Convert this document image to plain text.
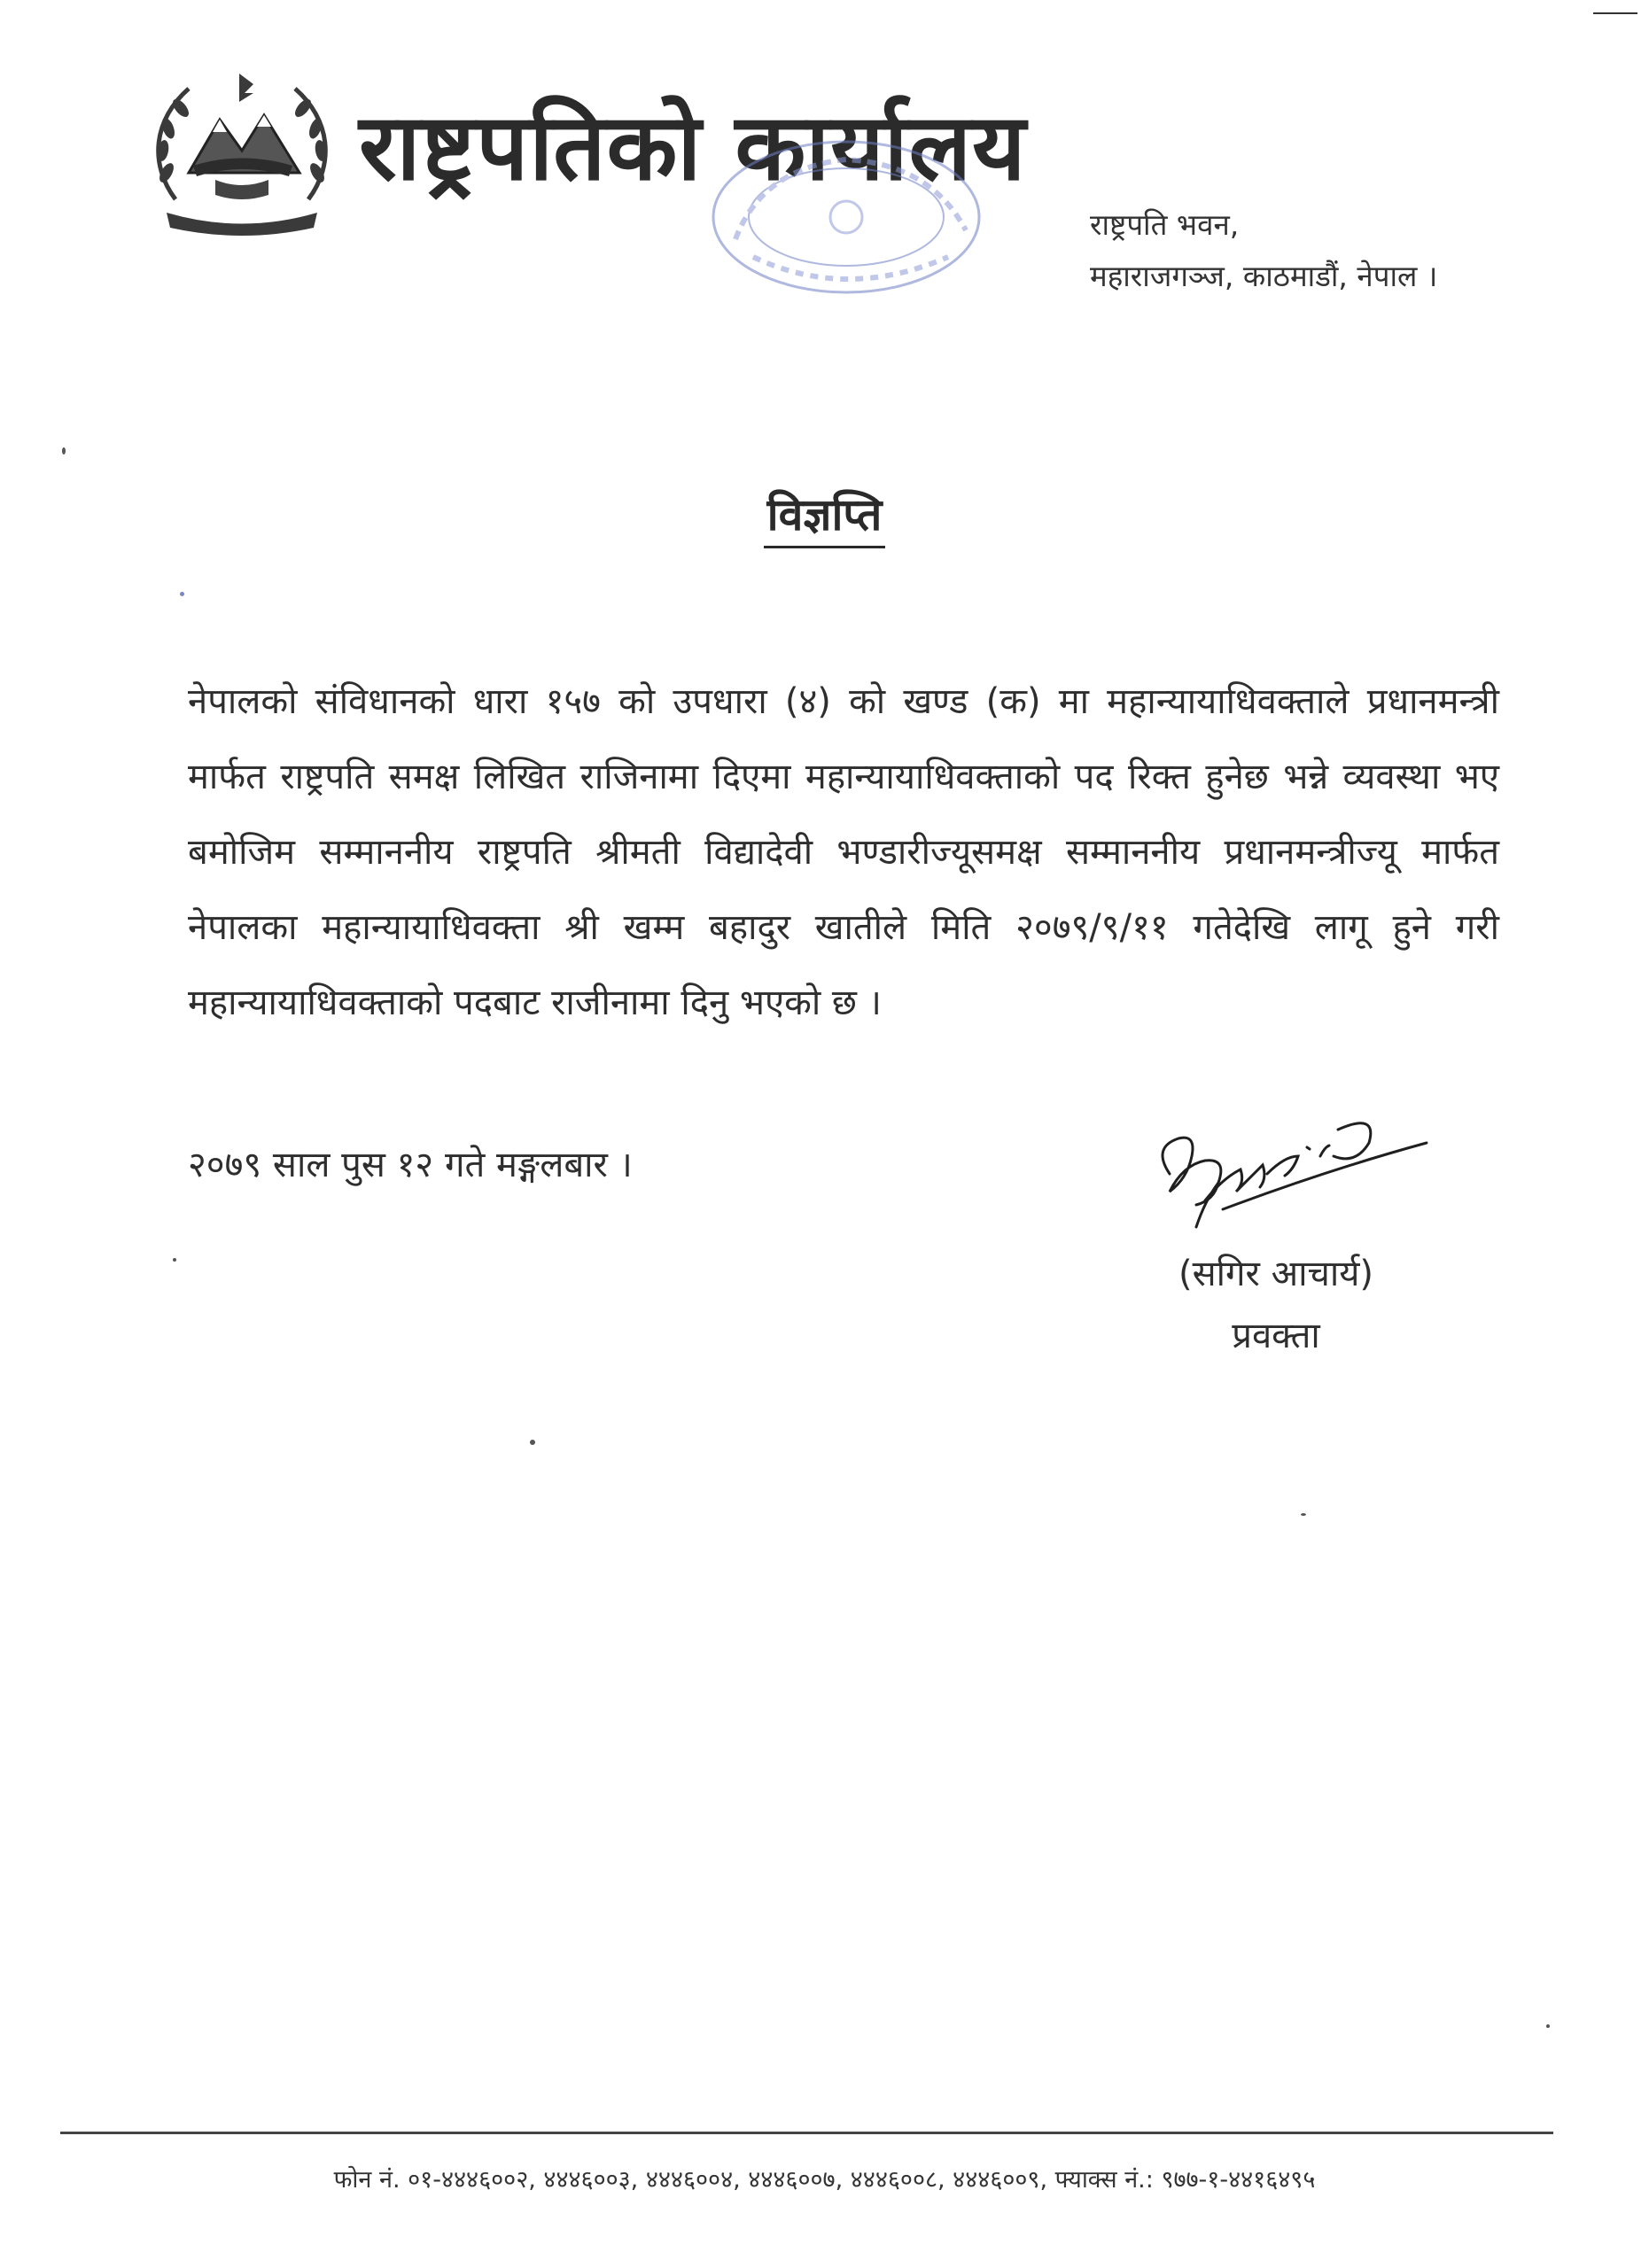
राष्ट्रपतिको कार्यालय
राष्ट्रपति भवन,
महाराजगञ्ज, काठमाडौं, नेपाल ।
विज्ञप्ति
नेपालको संविधानको धारा १५७ को उपधारा (४) को खण्ड (क) मा महान्यायाधिवक्ताले प्रधानमन्त्री मार्फत राष्ट्रपति समक्ष लिखित राजिनामा दिएमा महान्यायाधिवक्ताको पद रिक्त हुनेछ भन्ने व्यवस्था भए बमोजिम सम्माननीय राष्ट्रपति श्रीमती विद्यादेवी भण्डारीज्यूसमक्ष सम्माननीय प्रधानमन्त्रीज्यू मार्फत नेपालका महान्यायाधिवक्ता श्री खम्म बहादुर खातीले मिति २०७९/९/११ गतेदेखि लागू हुने गरी महान्यायाधिवक्ताको पदबाट राजीनामा दिनु भएको छ ।
२०७९ साल पुस १२ गते मङ्गलबार ।
(सगिर आचार्य)
प्रवक्ता
फोन नं. ०१-४४४६००२, ४४४६००३, ४४४६००४, ४४४६००७, ४४४६००८, ४४४६००९, फ्याक्स नं.: ९७७-१-४४१६४९५
